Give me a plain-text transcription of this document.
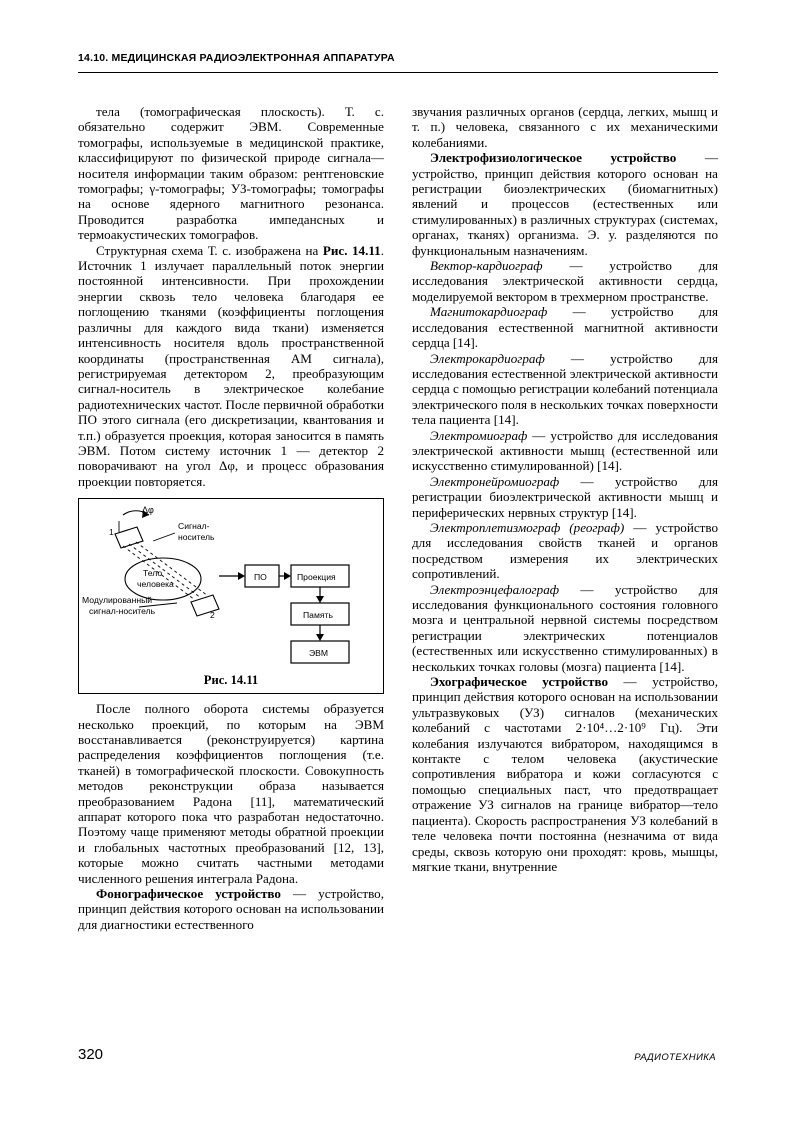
14.10. МЕДИЦИНСКАЯ РАДИОЭЛЕКТРОННАЯ АППАРАТУРА

тела (томографическая плоскость). Т. с. обязательно содержит ЭВМ. Современные томографы, используемые в медицинской практике, классифицируют по физической природе сигнала—носителя информации таким образом: рентгеновские томографы; γ-томографы; УЗ-томографы; томографы на основе ядерного магнитного резонанса. Проводится разработка импедансных и термоакустических томографов.

Структурная схема Т. с. изображена на Рис. 14.11. Источник 1 излучает параллельный поток энергии постоянной интенсивности. При прохождении энергии сквозь тело человека благодаря ее поглощению тканями (коэффициенты поглощения различны для каждого вида ткани) изменяется интенсивность носителя вдоль пространственной координаты (пространственная АМ сигнала), регистрируемая детектором 2, преобразующим сигнал-носитель в электрическое колебание радиотехнических частот. После первичной обработки ПО этого сигнала (его дискретизации, квантования и т.п.) образуется проекция, которая заносится в память ЭВМ. Потом систему источник 1 — детектор 2 поворачивают на угол Δφ, и процесс образования проекции повторяется.

1
2
Δφ
Сигнал-
носитель
Тело
человека
Модулированный
сигнал-носитель
ПО	Проекция
Память
ЭВМ
Рис. 14.11

После полного оборота системы образуется несколько проекций, по которым на ЭВМ восстанавливается (реконструируется) картина распределения коэффициентов поглощения (т.е. тканей) в томографической плоскости. Совокупность методов реконструкции образа называется преобразованием Радона [11], математический аппарат которого пока что разработан недостаточно. Поэтому чаще применяют методы обратной проекции и глобальных частотных преобразований [12, 13], которые можно считать частными методами численного решения интеграла Радона.

Фонографическое устройство — устройство, принцип действия которого основан на использовании для диагностики естественного

звучания различных органов (сердца, легких, мышц и т. п.) человека, связанного с их механическими колебаниями.

Электрофизиологическое устройство — устройство, принцип действия которого основан на регистрации биоэлектрических (биомагнитных) явлений и процессов (естественных или стимулированных) в различных структурах (системах, органах, тканях) организма. Э. у. разделяются по функциональным назначениям.

Вектор-кардиограф — устройство для исследования электрической активности сердца, моделируемой вектором в трехмерном пространстве.

Магнитокардиограф — устройство для исследования естественной магнитной активности сердца [14].

Электрокардиограф — устройство для исследования естественной электрической активности сердца с помощью регистрации колебаний потенциала электрического поля в нескольких точках поверхности тела пациента [14].

Электромиограф — устройство для исследования электрической активности мышц (естественной или искусственно стимулированной) [14].

Электронейромиограф — устройство для регистрации биоэлектрической активности мышц и периферических нервных структур [14].

Электроплетизмограф (реограф) — устройство для исследования свойств тканей и органов посредством измерения их электрических сопротивлений.

Электроэнцефалограф — устройство для исследования функционального состояния головного мозга и центральной нервной системы посредством регистрации электрических потенциалов (естественных или искусственно стимулированных) в нескольких точках головы (мозга) пациента [14].

Эхографическое устройство — устройство, принцип действия которого основан на использовании ультразвуковых (УЗ) сигналов (механических колебаний с частотами 2·10⁴…2·10⁹ Гц). Эти колебания излучаются вибратором, находящимся в контакте с телом человека (акустические сопротивления вибратора и кожи согласуются с помощью специальных паст, что предотвращает отражение УЗ сигналов на границе вибратор—тело пациента). Скорость распространения УЗ колебаний в теле человека почти постоянна (незначима от вида среды, сквозь которую они проходят: кровь, мышцы, мягкие ткани, внутренние

320	РАДИОТЕХНИКА
